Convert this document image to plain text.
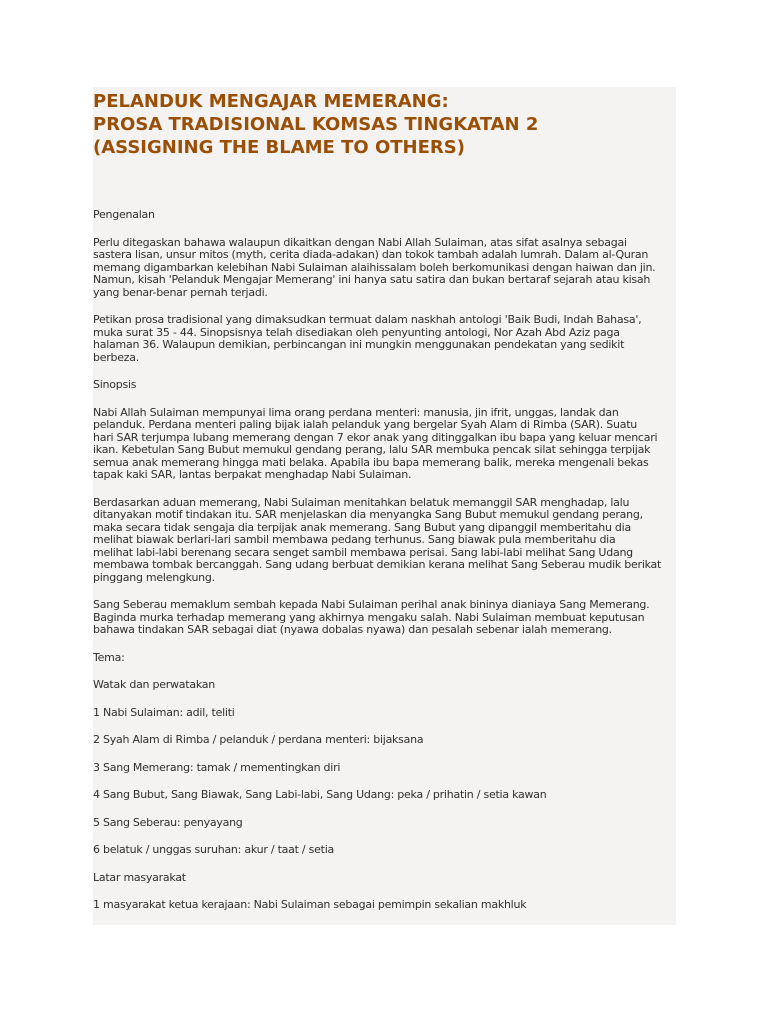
PELANDUK MENGAJAR MEMERANG:
PROSA TRADISIONAL KOMSAS TINGKATAN 2
(ASSIGNING THE BLAME TO OTHERS)
Pengenalan
Perlu ditegaskan bahawa walaupun dikaitkan dengan Nabi Allah Sulaiman, atas sifat asalnya sebagai
sastera lisan, unsur mitos (myth, cerita diada-adakan) dan tokok tambah adalah lumrah. Dalam al-Quran
memang digambarkan kelebihan Nabi Sulaiman alaihissalam boleh berkomunikasi dengan haiwan dan jin.
Namun, kisah 'Pelanduk Mengajar Memerang' ini hanya satu satira dan bukan bertaraf sejarah atau kisah
yang benar-benar pernah terjadi.
Petikan prosa tradisional yang dimaksudkan termuat dalam naskhah antologi 'Baik Budi, Indah Bahasa',
muka surat 35 - 44. Sinopsisnya telah disediakan oleh penyunting antologi, Nor Azah Abd Aziz paga
halaman 36. Walaupun demikian, perbincangan ini mungkin menggunakan pendekatan yang sedikit
berbeza.
Sinopsis
Nabi Allah Sulaiman mempunyai lima orang perdana menteri: manusia, jin ifrit, unggas, landak dan
pelanduk. Perdana menteri paling bijak ialah pelanduk yang bergelar Syah Alam di Rimba (SAR). Suatu
hari SAR terjumpa lubang memerang dengan 7 ekor anak yang ditinggalkan ibu bapa yang keluar mencari
ikan. Kebetulan Sang Bubut memukul gendang perang, lalu SAR membuka pencak silat sehingga terpijak
semua anak memerang hingga mati belaka. Apabila ibu bapa memerang balik, mereka mengenali bekas
tapak kaki SAR, lantas berpakat menghadap Nabi Sulaiman.
Berdasarkan aduan memerang, Nabi Sulaiman menitahkan belatuk memanggil SAR menghadap, lalu
ditanyakan motif tindakan itu. SAR menjelaskan dia menyangka Sang Bubut memukul gendang perang,
maka secara tidak sengaja dia terpijak anak memerang. Sang Bubut yang dipanggil memberitahu dia
melihat biawak berlari-lari sambil membawa pedang terhunus. Sang biawak pula memberitahu dia
melihat labi-labi berenang secara senget sambil membawa perisai. Sang labi-labi melihat Sang Udang
membawa tombak bercanggah. Sang udang berbuat demikian kerana melihat Sang Seberau mudik berikat
pinggang melengkung.
Sang Seberau memaklum sembah kepada Nabi Sulaiman perihal anak bininya dianiaya Sang Memerang.
Baginda murka terhadap memerang yang akhirnya mengaku salah. Nabi Sulaiman membuat keputusan
bahawa tindakan SAR sebagai diat (nyawa dobalas nyawa) dan pesalah sebenar ialah memerang.
Tema:
Watak dan perwatakan
1 Nabi Sulaiman: adil, teliti
2 Syah Alam di Rimba / pelanduk / perdana menteri: bijaksana
3 Sang Memerang: tamak / mementingkan diri
4 Sang Bubut, Sang Biawak, Sang Labi-labi, Sang Udang: peka / prihatin / setia kawan
5 Sang Seberau: penyayang
6 belatuk / unggas suruhan: akur / taat / setia
Latar masyarakat
1 masyarakat ketua kerajaan: Nabi Sulaiman sebagai pemimpin sekalian makhluk
